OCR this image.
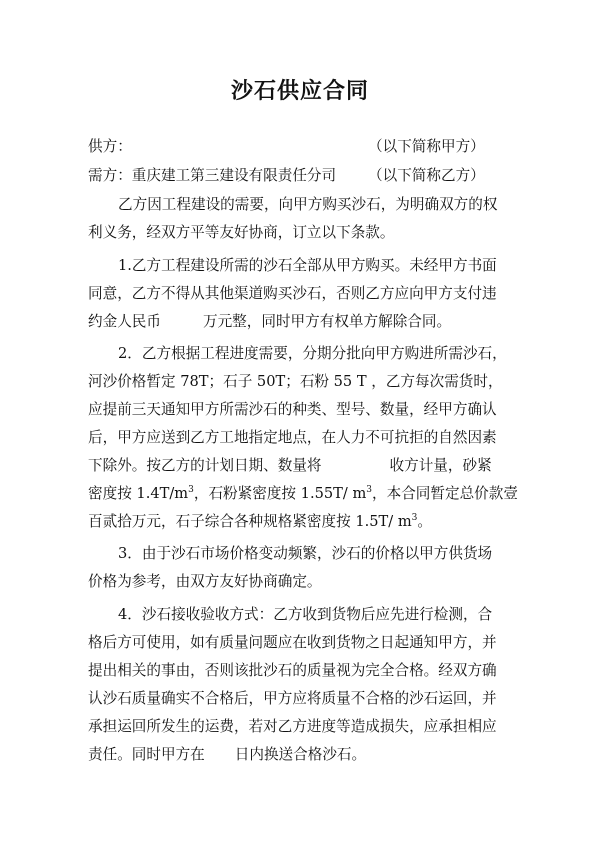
沙石供应合同
供方：	（以下简称甲方）
需方：重庆建工第三建设有限责任分司 （以下简称乙方）
乙方因工程建设的需要，向甲方购买沙石，为明确双方的权
利义务，经双方平等友好协商，订立以下条款。
1.乙方工程建设所需的沙石全部从甲方购买。未经甲方书面
同意，乙方不得从其他渠道购买沙石，否则乙方应向甲方支付违
约金人民币	万元整，同时甲方有权单方解除合同。
2．乙方根据工程进度需要，分期分批向甲方购进所需沙石，
河沙价格暂定 78T；石子 50T；石粉 55 T ，乙方每次需货时，
应提前三天通知甲方所需沙石的种类、型号、数量，经甲方确认
后，甲方应送到乙方工地指定地点，在人力不可抗拒的自然因素
下除外。按乙方的计划日期、数量将	收方计量，砂紧
密度按 $1.4T/m^3$，石粉紧密度按 1.55T/ $m^3$，本合同暂定总价款壹
百贰拾万元，石子综合各种规格紧密度按 1.5T/ $m^3$。
3．由于沙石市场价格变动频繁，沙石的价格以甲方供货场
价格为参考，由双方友好协商确定。
4．沙石接收验收方式：乙方收到货物后应先进行检测，合
格后方可使用，如有质量问题应在收到货物之日起通知甲方，并
提出相关的事由，否则该批沙石的质量视为完全合格。经双方确
认沙石质量确实不合格后，甲方应将质量不合格的沙石运回，并
承担运回所发生的运费，若对乙方进度等造成损失，应承担相应
责任。同时甲方在 日内换送合格沙石。
